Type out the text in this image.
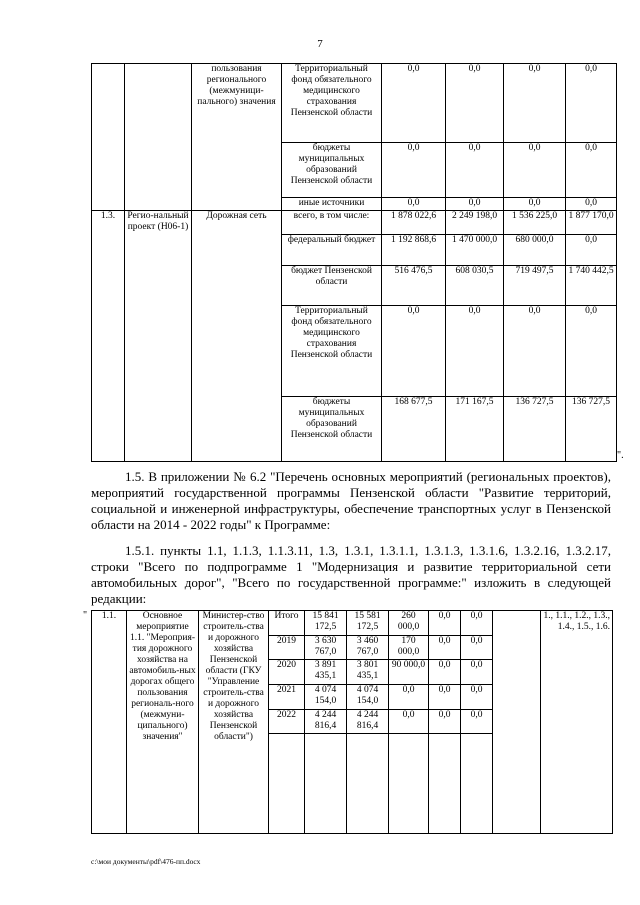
7
		пользования регионального (межмуници-пального) значения	Территориальный фонд обязательного медицинского страхования Пензенской области	0,0	0,0	0,0	0,0
			бюджеты муниципальных образований Пензенской области	0,0	0,0	0,0	0,0
			иные источники	0,0	0,0	0,0	0,0
1.3.	Регио-нальный проект (Н06-1)	Дорожная сеть	всего, в том числе:	1 878 022,6	2 249 198,0	1 536 225,0	1 877 170,0
			федеральный бюджет	1 192 868,6	1 470 000,0	680 000,0	0,0
			бюджет Пензенской области	516 476,5	608 030,5	719 497,5	1 740 442,5
			Территориальный фонд обязательного медицинского страхования Пензенской области	0,0	0,0	0,0	0,0
			бюджеты муниципальных образований Пензенской области	168 677,5	171 167,5	136 727,5	136 727,5
".
1.5. В приложении № 6.2 "Перечень основных мероприятий (региональных проектов), мероприятий государственной программы Пензенской области "Развитие территорий, социальной и инженерной инфраструктуры, обеспечение транспортных услуг в Пензенской области на 2014 - 2022 годы" к Программе:
1.5.1. пункты 1.1, 1.1.3, 1.1.3.11, 1.3, 1.3.1, 1.3.1.1, 1.3.1.3, 1.3.1.6, 1.3.2.16, 1.3.2.17, строки "Всего по подпрограмме 1 "Модернизация и развитие территориальной сети автомобильных дорог", "Всего по государственной программе:" изложить в следующей редакции:
" 1.1.	Основное мероприятие 1.1. "Мероприя-тия дорожного хозяйства на автомобиль-ных дорогах общего пользования региональ-ного (межмуни-ципального) значения"	Министер-ство строитель-ства и дорожного хозяйства Пензенской области (ГКУ "Управление строитель-ства и дорожного хозяйства Пензенской области")	Итого	15 841 172,5	15 581 172,5	260 000,0	0,0	0,0		1., 1.1., 1.2., 1.3., 1.4., 1.5., 1.6.
			2019	3 630 767,0	3 460 767,0	170 000,0	0,0	0,0		
			2020	3 891 435,1	3 801 435,1	90 000,0	0,0	0,0		
			2021	4 074 154,0	4 074 154,0	0,0	0,0	0,0		
			2022	4 244 816,4	4 244 816,4	0,0	0,0	0,0		

c:\мои документы\pdf\476-пп.docx
